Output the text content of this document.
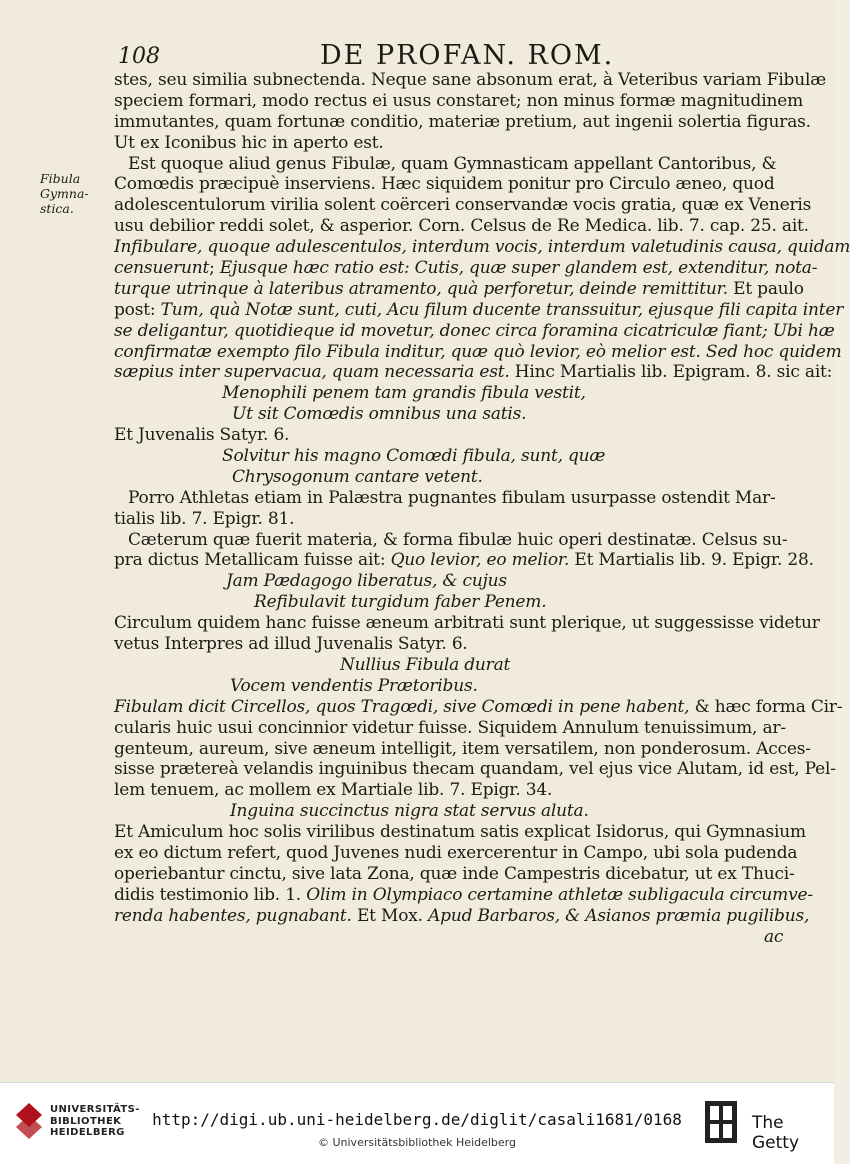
108	DE PROFAN. ROM.
Fibula
Gymna-
stica.
stes, seu similia subnectenda. Neque sane absonum erat, à Veteribus variam Fibulæ
speciem formari, modo rectus ei usus constaret; non minus formæ magnitudinem
immutantes, quam fortunæ conditio, materiæ pretium, aut ingenii solertia figuras.
Ut ex Iconibus hic in aperto est.
Est quoque aliud genus Fibulæ, quam Gymnasticam appellant Cantoribus, &
Comœdis præcipuè inserviens. Hæc siquidem ponitur pro Circulo æneo, quod
adolescentulorum virilia solent coërceri conservandæ vocis gratia, quæ ex Veneris
usu debilior reddi solet, & asperior. Corn. Celsus de Re Medica. lib. 7. cap. 25. ait.
Infibulare, quoque adulescentulos, interdum vocis, interdum valetudinis causa, quidam
censuerunt; Ejusque hæc ratio est: Cutis, quæ super glandem est, extenditur, nota-
turque utrinque à lateribus atramento, quà perforetur, deinde remittitur. Et paulo
post: Tum, quà Notæ sunt, cuti, Acu filum ducente transsuitur, ejusque fili capita inter
se deligantur, quotidieque id movetur, donec circa foramina cicatriculæ fiant; Ubi hæ
confirmatæ exempto filo Fibula inditur, quæ quò levior, eò melior est. Sed hoc quidem
sæpius inter supervacua, quam necessaria est. Hinc Martialis lib. Epigram. 8. sic ait:
Menophili penem tam grandis fibula vestit,
Ut sit Comœdis omnibus una satis.
Et Juvenalis Satyr. 6.
Solvitur his magno Comœdi fibula, sunt, quæ
Chrysogonum cantare vetent.
Porro Athletas etiam in Palæstra pugnantes fibulam usurpasse ostendit Mar-
tialis lib. 7. Epigr. 81.
Cæterum quæ fuerit materia, & forma fibulæ huic operi destinatæ. Celsus su-
pra dictus Metallicam fuisse ait: Quo levior, eo melior. Et Martialis lib. 9. Epigr. 28.
Jam Pædagogo liberatus, & cujus
Refibulavit turgidum faber Penem.
Circulum quidem hanc fuisse æneum arbitrati sunt plerique, ut suggessisse videtur
vetus Interpres ad illud Juvenalis Satyr. 6.
Nullius Fibula durat
Vocem vendentis Prætoribus.
Fibulam dicit Circellos, quos Tragœdi, sive Comœdi in pene habent, & hæc forma Cir-
cularis huic usui concinnior videtur fuisse. Siquidem Annulum tenuissimum, ar-
genteum, aureum, sive æneum intelligit, item versatilem, non ponderosum. Acces-
sisse prætereà velandis inguinibus thecam quandam, vel ejus vice Alutam, id est, Pel-
lem tenuem, ac mollem ex Martiale lib. 7. Epigr. 34.
Inguina succinctus nigra stat servus aluta.
Et Amiculum hoc solis virilibus destinatum satis explicat Isidorus, qui Gymnasium
ex eo dictum refert, quod Juvenes nudi exercerentur in Campo, ubi sola pudenda
operiebantur cinctu, sive lata Zona, quæ inde Campestris dicebatur, ut ex Thuci-
didis testimonio lib. 1. Olim in Olympiaco certamine athletæ subligacula circumve-
renda habentes, pugnabant. Et Mox. Apud Barbaros, & Asianos præmia pugilibus,
ac
UNIVERSITÄTS-
BIBLIOTHEK
HEIDELBERG
http://digi.ub.uni-heidelberg.de/diglit/casali1681/0168
© Universitätsbibliothek Heidelberg
The Getty
